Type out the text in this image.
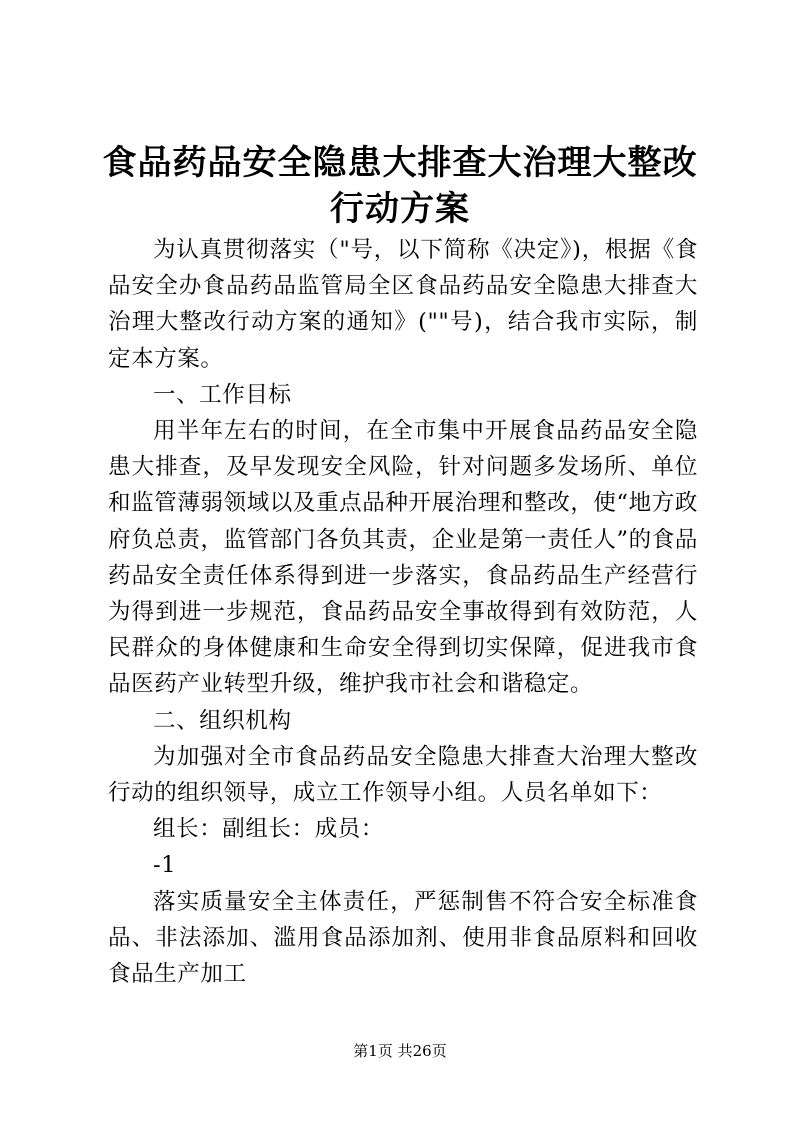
食品药品安全隐患大排查大治理大整改行动方案

为认真贯彻落实（"号，以下简称《决定》)，根据《食品安全办食品药品监管局全区食品药品安全隐患大排查大治理大整改行动方案的通知》(""号)，结合我市实际，制定本方案。

一、工作目标

用半年左右的时间，在全市集中开展食品药品安全隐患大排查，及早发现安全风险，针对问题多发场所、单位和监管薄弱领域以及重点品种开展治理和整改，使“地方政府负总责，监管部门各负其责，企业是第一责任人”的食品药品安全责任体系得到进一步落实，食品药品生产经营行为得到进一步规范，食品药品安全事故得到有效防范，人民群众的身体健康和生命安全得到切实保障，促进我市食品医药产业转型升级，维护我市社会和谐稳定。

二、组织机构

为加强对全市食品药品安全隐患大排查大治理大整改行动的组织领导，成立工作领导小组。人员名单如下：

组长：副组长：成员：

-1

落实质量安全主体责任，严惩制售不符合安全标准食品、非法添加、滥用食品添加剂、使用非食品原料和回收食品生产加工

第1页 共26页
